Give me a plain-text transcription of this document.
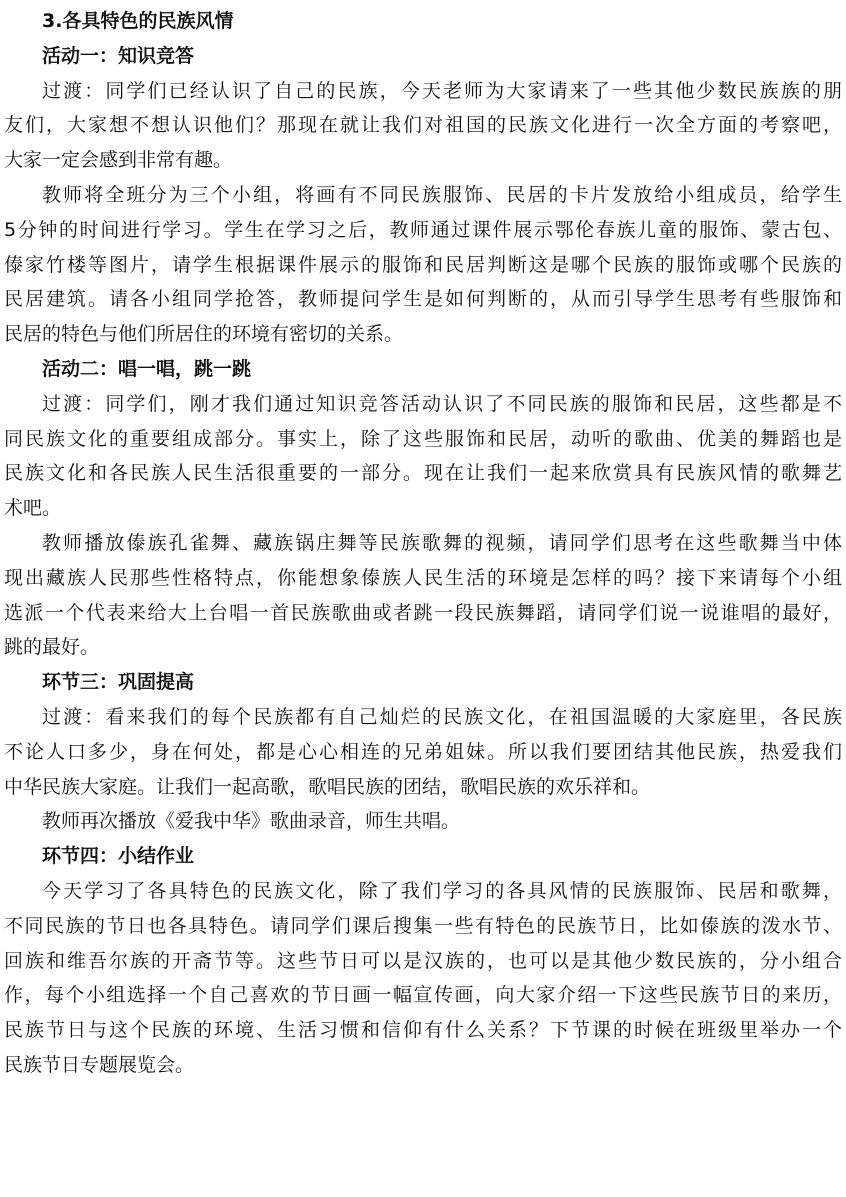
3.各具特色的民族风情
活动一：知识竞答
过渡：同学们已经认识了自己的民族，今天老师为大家请来了一些其他少数民族族的朋
友们，大家想不想认识他们？那现在就让我们对祖国的民族文化进行一次全方面的考察吧，
大家一定会感到非常有趣。
教师将全班分为三个小组，将画有不同民族服饰、民居的卡片发放给小组成员，给学生
5分钟的时间进行学习。学生在学习之后，教师通过课件展示鄂伦春族儿童的服饰、蒙古包、
傣家竹楼等图片，请学生根据课件展示的服饰和民居判断这是哪个民族的服饰或哪个民族的
民居建筑。请各小组同学抢答，教师提问学生是如何判断的，从而引导学生思考有些服饰和
民居的特色与他们所居住的环境有密切的关系。
活动二：唱一唱，跳一跳
过渡：同学们，刚才我们通过知识竞答活动认识了不同民族的服饰和民居，这些都是不
同民族文化的重要组成部分。事实上，除了这些服饰和民居，动听的歌曲、优美的舞蹈也是
民族文化和各民族人民生活很重要的一部分。现在让我们一起来欣赏具有民族风情的歌舞艺
术吧。
教师播放傣族孔雀舞、藏族锅庄舞等民族歌舞的视频，请同学们思考在这些歌舞当中体
现出藏族人民那些性格特点，你能想象傣族人民生活的环境是怎样的吗？接下来请每个小组
选派一个代表来给大上台唱一首民族歌曲或者跳一段民族舞蹈，请同学们说一说谁唱的最好，
跳的最好。
环节三：巩固提高
过渡：看来我们的每个民族都有自己灿烂的民族文化，在祖国温暖的大家庭里，各民族
不论人口多少，身在何处，都是心心相连的兄弟姐妹。所以我们要团结其他民族，热爱我们
中华民族大家庭。让我们一起高歌，歌唱民族的团结，歌唱民族的欢乐祥和。
教师再次播放《爱我中华》歌曲录音，师生共唱。
环节四：小结作业
今天学习了各具特色的民族文化，除了我们学习的各具风情的民族服饰、民居和歌舞，
不同民族的节日也各具特色。请同学们课后搜集一些有特色的民族节日，比如傣族的泼水节、
回族和维吾尔族的开斋节等。这些节日可以是汉族的，也可以是其他少数民族的，分小组合
作，每个小组选择一个自己喜欢的节日画一幅宣传画，向大家介绍一下这些民族节日的来历，
民族节日与这个民族的环境、生活习惯和信仰有什么关系？下节课的时候在班级里举办一个
民族节日专题展览会。
